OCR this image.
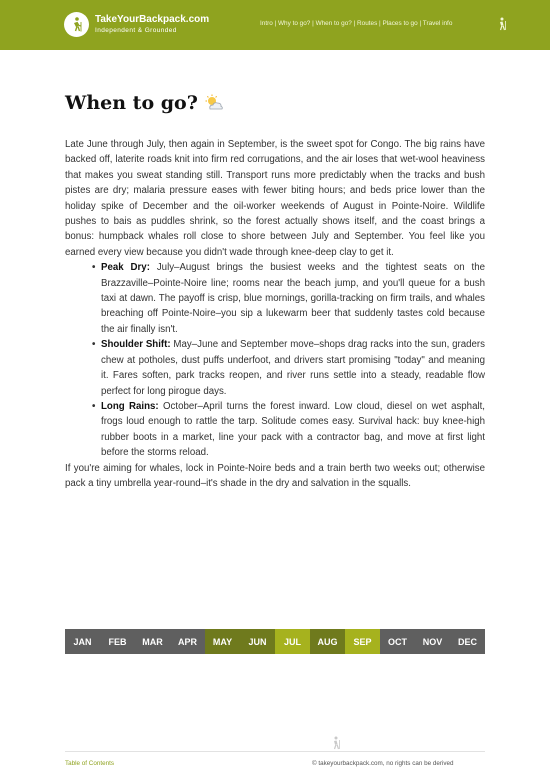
TakeYourBackpack.com
Independent & Grounded
Intro | Why to go? | When to go? | Routes | Places to go | Travel info
When to go?

Late June through July, then again in September, is the sweet spot for Congo. The big rains have backed off, laterite roads knit into firm red corrugations, and the air loses that wet-wool heaviness that makes you sweat standing still. Transport runs more predictably when the tracks and bush pistes are dry; malaria pressure eases with fewer biting hours; and beds price lower than the holiday spike of December and the oil-worker weekends of August in Pointe-Noire. Wildlife pushes to bais as puddles shrink, so the forest actually shows itself, and the coast brings a bonus: humpback whales roll close to shore between July and September. You feel like you earned every view because you didn't wade through knee-deep clay to get it.

• Peak Dry: July–August brings the busiest weeks and the tightest seats on the Brazzaville–Pointe-Noire line; rooms near the beach jump, and you'll queue for a bush taxi at dawn. The payoff is crisp, blue mornings, gorilla-tracking on firm trails, and whales breaching off Pointe-Noire–you sip a lukewarm beer that suddenly tastes cold because the air finally isn't.
• Shoulder Shift: May–June and September move–shops drag racks into the sun, graders chew at potholes, dust puffs underfoot, and drivers start promising "today" and meaning it. Fares soften, park tracks reopen, and river runs settle into a steady, readable flow perfect for long pirogue days.
• Long Rains: October–April turns the forest inward. Low cloud, diesel on wet asphalt, frogs loud enough to rattle the tarp. Solitude comes easy. Survival hack: buy knee-high rubber boots in a market, line your pack with a contractor bag, and move at first light before the storms reload.

If you're aiming for whales, lock in Pointe-Noire beds and a train berth two weeks out; otherwise pack a tiny umbrella year-round–it's shade in the dry and salvation in the squalls.

JAN	FEB	MAR	APR	MAY	JUN	JUL	AUG	SEP	OCT	NOV	DEC
Table of Contents	© takeyourbackpack.com, no rights can be derived
